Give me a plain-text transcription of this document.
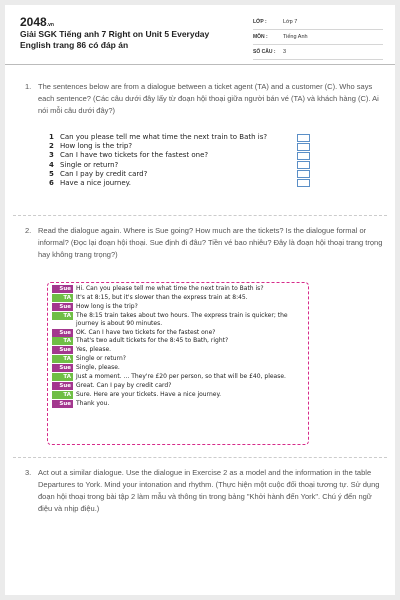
2048.vn
Giải SGK Tiếng anh 7 Right on Unit 5 Everyday English trang 86 có đáp án
LỚP :	Lớp 7
MÔN :	Tiếng Anh
SỐ CÂU :	3
1. The sentences below are from a dialogue between a ticket agent (TA) and a customer (C). Who says each sentence? (Các câu dưới đây lấy từ đoạn hội thoại giữa người bán vé (TA) và khách hàng (C). Ai nói mỗi câu dưới đây?)
1 Can you please tell me what time the next train to Bath is?
2 How long is the trip?
3 Can I have two tickets for the fastest one?
4 Single or return?
5 Can I pay by credit card?
6 Have a nice journey.
2. Read the dialogue again. Where is Sue going? How much are the tickets? Is the dialogue formal or informal? (Đọc lại đoạn hội thoại. Sue định đi đâu? Tiền vé bao nhiêu? Đây là đoạn hội thoại trang trọng hay không trang trọng?)
Sue Hi. Can you please tell me what time the next train to Bath is?
TA It's at 8:15, but it's slower than the express train at 8:45.
Sue How long is the trip?
TA The 8:15 train takes about two hours. The express train is quicker; the journey is about 90 minutes.
Sue OK. Can I have two tickets for the fastest one?
TA That's two adult tickets for the 8:45 to Bath, right?
Sue Yes, please.
TA Single or return?
Sue Single, please.
TA Just a moment. ... They're £20 per person, so that will be £40, please.
Sue Great. Can I pay by credit card?
TA Sure. Here are your tickets. Have a nice journey.
Sue Thank you.
3. Act out a similar dialogue. Use the dialogue in Exercise 2 as a model and the information in the table Departures to York. Mind your intonation and rhythm. (Thực hiện một cuộc đối thoại tương tự. Sử dụng đoạn hội thoại trong bài tập 2 làm mẫu và thông tin trong bảng "Khởi hành đến York". Chú ý đến ngữ điệu và nhịp điệu.)
